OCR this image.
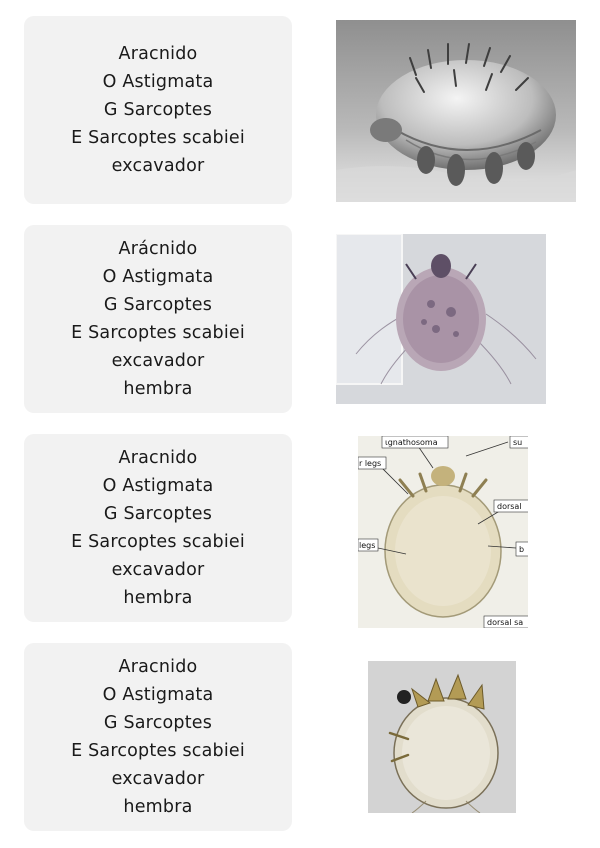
Aracnido
O Astigmata
G Sarcoptes
E Sarcoptes scabiei
excavador
Arácnido
O Astigmata
G Sarcoptes
E Sarcoptes scabiei
excavador
hembra
Aracnido
O Astigmata
G Sarcoptes
E Sarcoptes scabiei
excavador
hembra
Aracnido
O Astigmata
G Sarcoptes
E Sarcoptes scabiei
excavador
hembra
ιgnathosoma	su
r legs
dorsal
legs	b
dorsal sa
